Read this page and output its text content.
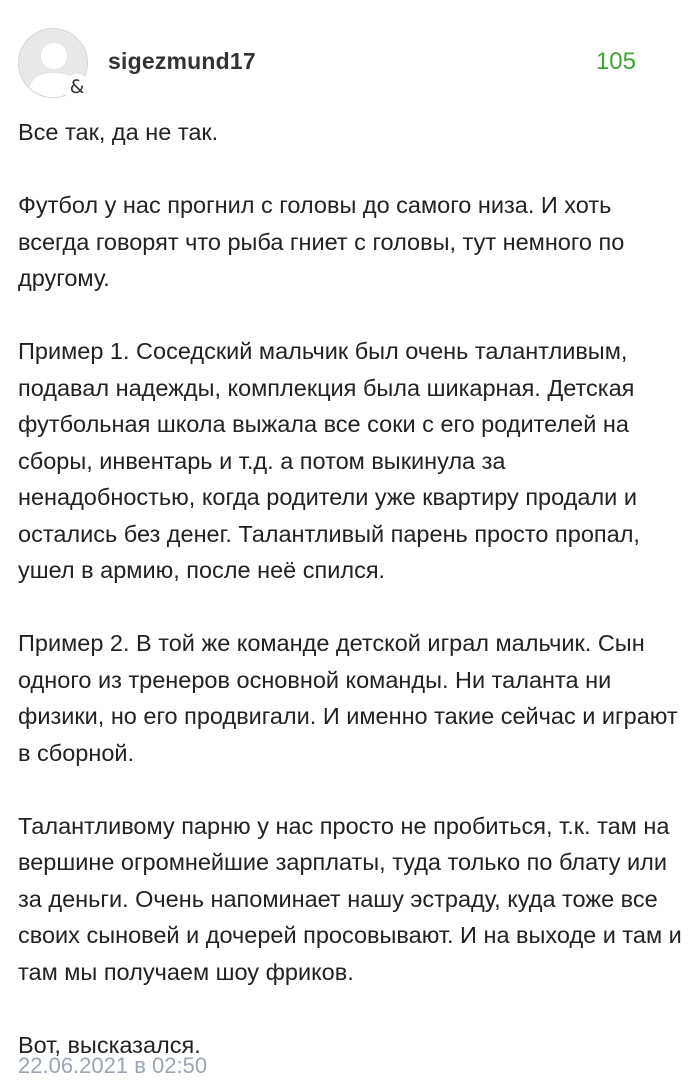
&
sigezmund17	105

Все так, да не так.

Футбол у нас прогнил с головы до самого низа. И хоть всегда говорят что рыба гниет с головы, тут немного по другому.

Пример 1. Соседский мальчик был очень талантливым, подавал надежды, комплекция была шикарная. Детская футбольная школа выжала все соки с его родителей на сборы, инвентарь и т.д. а потом выкинула за ненадобностью, когда родители уже квартиру продали и остались без денег. Талантливый парень просто пропал, ушел в армию, после неё спился.

Пример 2. В той же команде детской играл мальчик. Сын одного из тренеров основной команды. Ни таланта ни физики, но его продвигали. И именно такие сейчас и играют в сборной.

Талантливому парню у нас просто не пробиться, т.к. там на вершине огромнейшие зарплаты, туда только по блату или за деньги. Очень напоминает нашу эстраду, куда тоже все своих сыновей и дочерей просовывают. И на выходе и там и там мы получаем шоу фриков.

Вот, высказался.

22.06.2021 в 02:50
